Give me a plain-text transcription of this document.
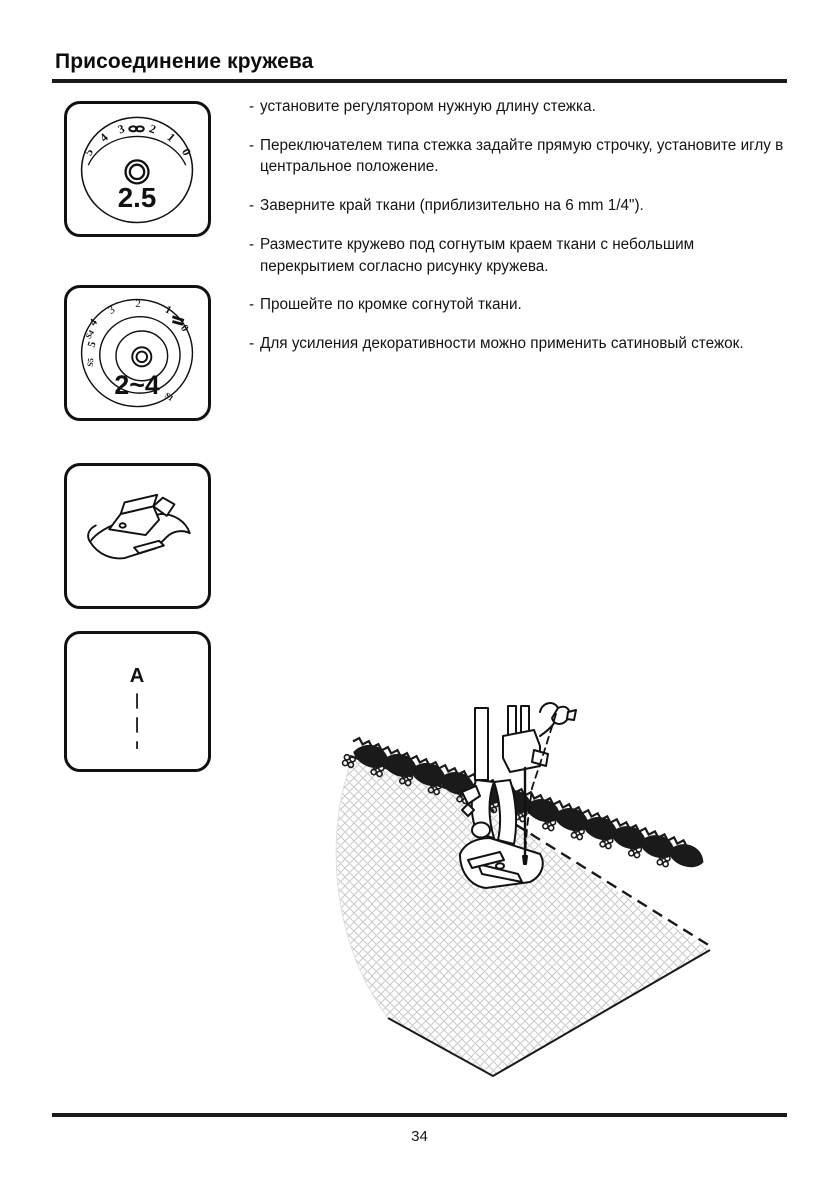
Присоединение кружева
5
4
3 2
1
0
2.5
5
4
3 2 1
0
S5
S4
S1
2~4
A
- установите регулятором нужную длину стежка.
- Переключателем типа стежка задайте прямую строчку, установите иглу в центральное положение.
- Заверните край ткани (приблизительно на 6 mm 1/4").
- Разместите кружево под согнутым краем ткани с небольшим перекрытием согласно рисунку кружева.
- Прошейте по кромке согнутой ткани.
- Для усиления декоративности можно применить сатиновый стежок.
34
